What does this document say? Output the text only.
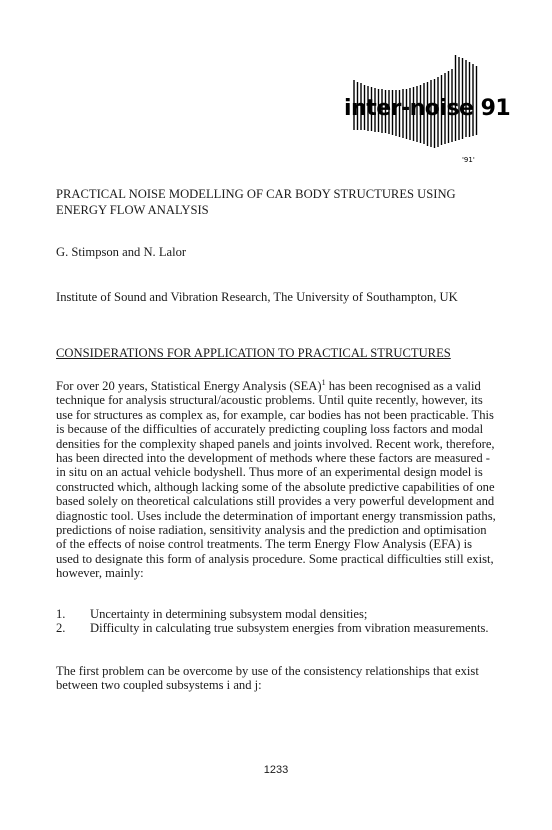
inter-noise 91
'91'
PRACTICAL NOISE MODELLING OF CAR BODY STRUCTURES USING ENERGY FLOW ANALYSIS
G. Stimpson and N. Lalor
Institute of Sound and Vibration Research, The University of Southampton, UK
CONSIDERATIONS FOR APPLICATION TO PRACTICAL STRUCTURES

For over 20 years, Statistical Energy Analysis (SEA)$^1$ has been recognised as a valid technique for analysis structural/acoustic problems. Until quite recently, however, its use for structures as complex as, for example, car bodies has not been practicable. This is because of the difficulties of accurately predicting coupling loss factors and modal densities for the complexity shaped panels and joints involved. Recent work, therefore, has been directed into the development of methods where these factors are measured - in situ on an actual vehicle bodyshell. Thus more of an experimental design model is constructed which, although lacking some of the absolute predictive capabilities of one based solely on theoretical calculations still provides a very powerful development and diagnostic tool. Uses include the determination of important energy transmission paths, predictions of noise radiation, sensitivity analysis and the prediction and optimisation of the effects of noise control treatments. The term Energy Flow Analysis (EFA) is used to designate this form of analysis procedure. Some practical difficulties still exist, however, mainly:

1.	Uncertainty in determining subsystem modal densities;
2.	Difficulty in calculating true subsystem energies from vibration measurements.
The first problem can be overcome by use of the consistency relationships that exist between two coupled subsystems i and j:
1233
